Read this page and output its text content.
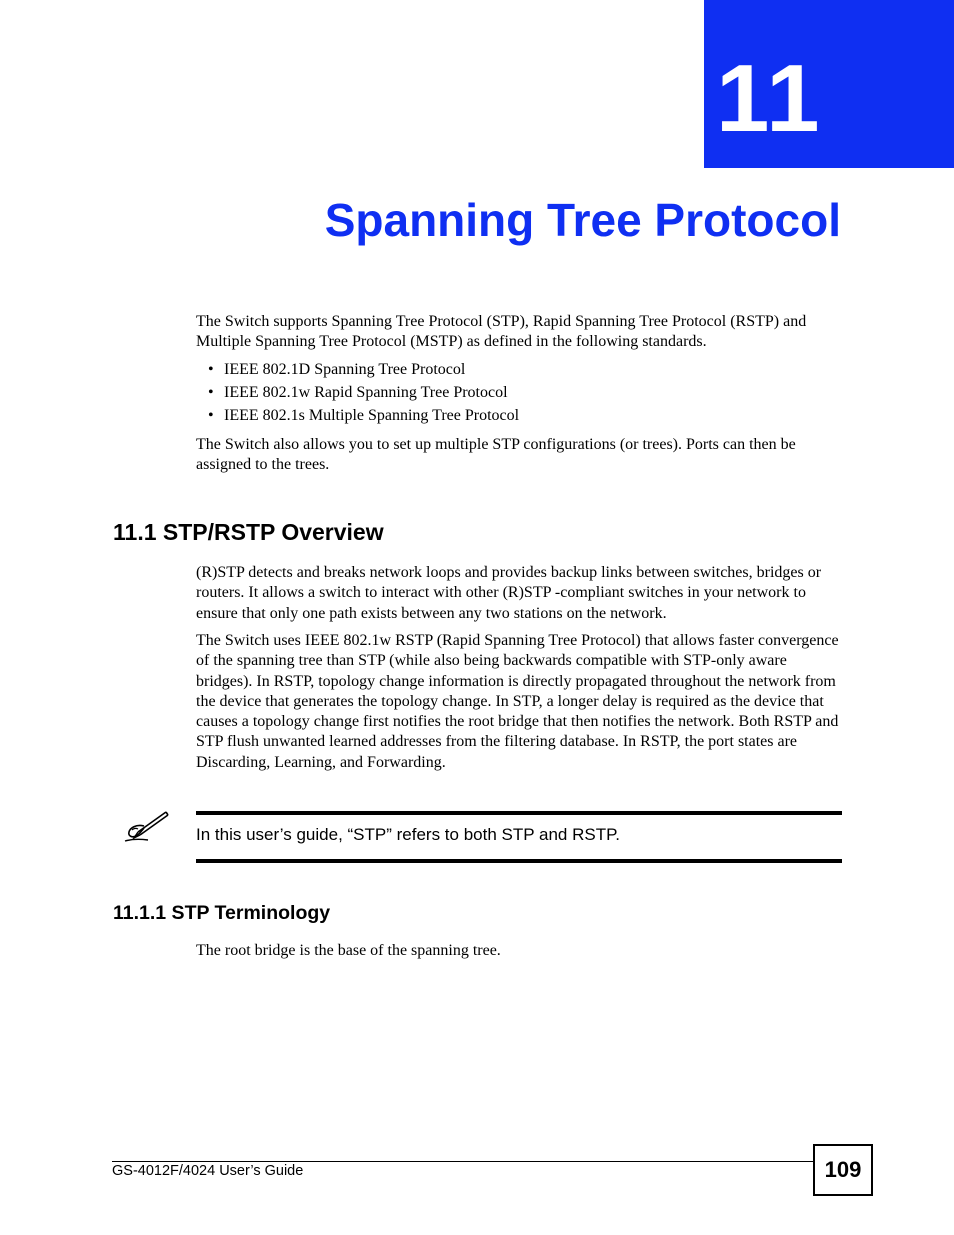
11
Spanning Tree Protocol

The Switch supports Spanning Tree Protocol (STP), Rapid Spanning Tree Protocol (RSTP) and Multiple Spanning Tree Protocol (MSTP) as defined in the following standards.

• IEEE 802.1D Spanning Tree Protocol
• IEEE 802.1w Rapid Spanning Tree Protocol
• IEEE 802.1s Multiple Spanning Tree Protocol

The Switch also allows you to set up multiple STP configurations (or trees). Ports can then be assigned to the trees.

11.1 STP/RSTP Overview

(R)STP detects and breaks network loops and provides backup links between switches, bridges or routers. It allows a switch to interact with other (R)STP -compliant switches in your network to ensure that only one path exists between any two stations on the network.

The Switch uses IEEE 802.1w RSTP (Rapid Spanning Tree Protocol) that allows faster convergence of the spanning tree than STP (while also being backwards compatible with STP-only aware bridges). In RSTP, topology change information is directly propagated throughout the network from the device that generates the topology change. In STP, a longer delay is required as the device that causes a topology change first notifies the root bridge that then notifies the network. Both RSTP and STP flush unwanted learned addresses from the filtering database. In RSTP, the port states are Discarding, Learning, and Forwarding.

In this user’s guide, “STP” refers to both STP and RSTP.
11.1.1 STP Terminology

The root bridge is the base of the spanning tree.

GS-4012F/4024 User’s Guide	109
